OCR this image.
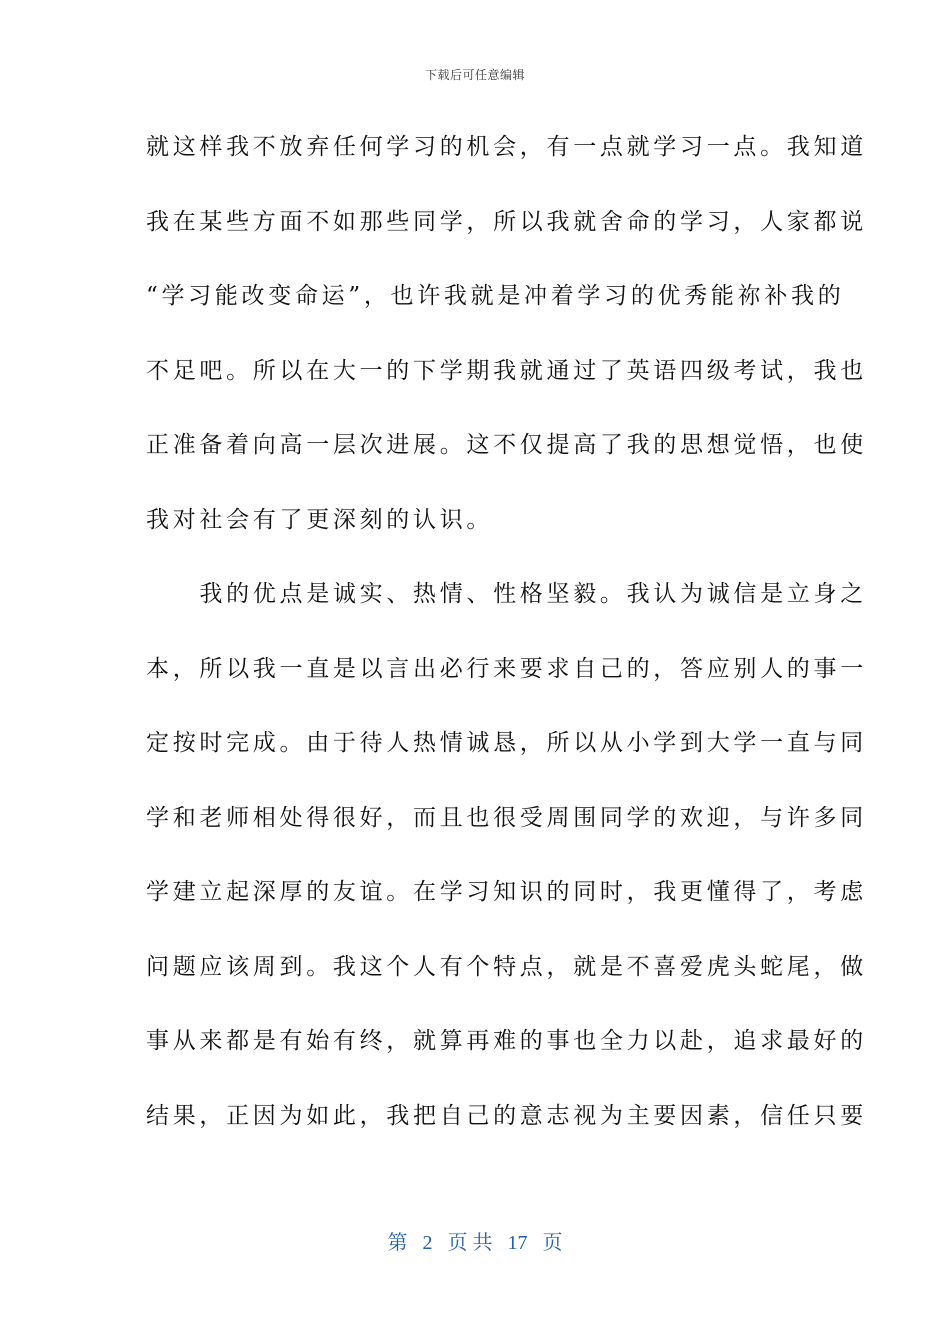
下载后可任意编辑
就这样我不放弃任何学习的机会，有一点就学习一点。我知道
我在某些方面不如那些同学，所以我就舍命的学习，人家都说
“学习能改变命运”，也许我就是冲着学习的优秀能祢补我的
不足吧。所以在大一的下学期我就通过了英语四级考试，我也
正准备着向高一层次进展。这不仅提高了我的思想觉悟，也使
我对社会有了更深刻的认识。
　　我的优点是诚实、热情、性格坚毅。我认为诚信是立身之
本，所以我一直是以言出必行来要求自己的，答应别人的事一
定按时完成。由于待人热情诚恳，所以从小学到大学一直与同
学和老师相处得很好，而且也很受周围同学的欢迎，与许多同
学建立起深厚的友谊。在学习知识的同时，我更懂得了，考虑
问题应该周到。我这个人有个特点，就是不喜爱虎头蛇尾，做
事从来都是有始有终，就算再难的事也全力以赴，追求最好的
结果，正因为如此，我把自己的意志视为主要因素，信任只要
第 2 页 共 17 页
